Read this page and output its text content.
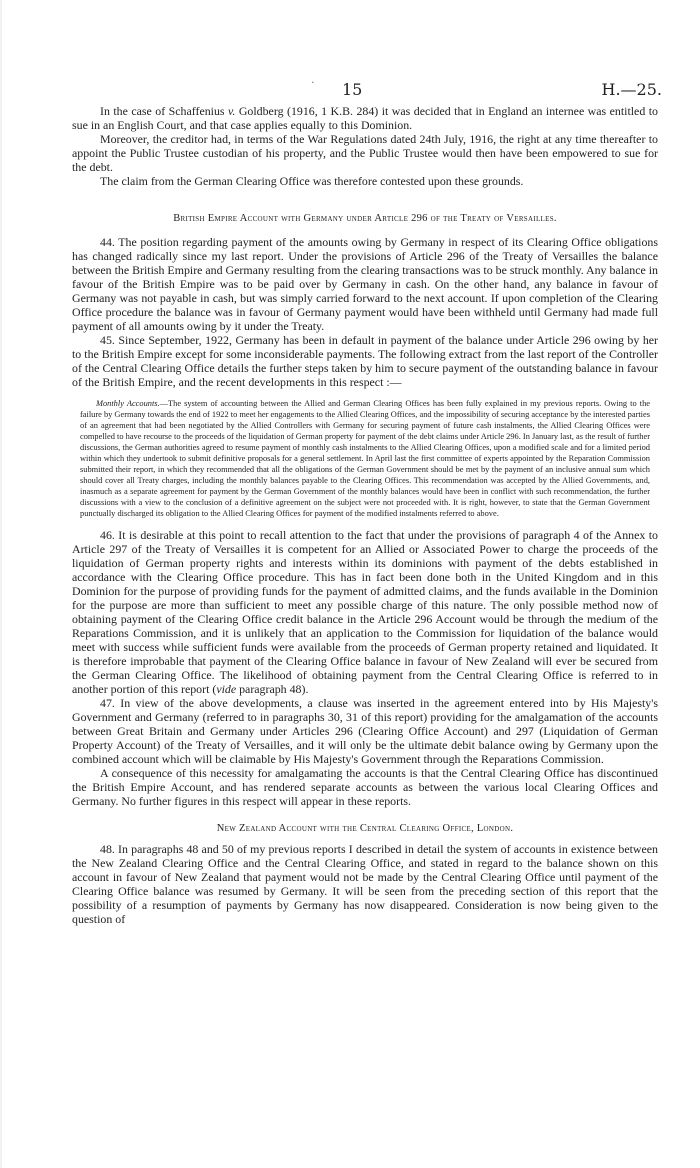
· 15	H.—25.

In the case of Schaffenius v. Goldberg (1916, 1 K.B. 284) it was decided that in England an internee was entitled to sue in an English Court, and that case applies equally to this Dominion.

Moreover, the creditor had, in terms of the War Regulations dated 24th July, 1916, the right at any time thereafter to appoint the Public Trustee custodian of his property, and the Public Trustee would then have been empowered to sue for the debt.

The claim from the German Clearing Office was therefore contested upon these grounds.

British Empire Account with Germany under Article 296 of the Treaty of Versailles.

44. The position regarding payment of the amounts owing by Germany in respect of its Clearing Office obligations has changed radically since my last report. Under the provisions of Article 296 of the Treaty of Versailles the balance between the British Empire and Germany resulting from the clearing transactions was to be struck monthly. Any balance in favour of the British Empire was to be paid over by Germany in cash. On the other hand, any balance in favour of Germany was not payable in cash, but was simply carried forward to the next account. If upon completion of the Clearing Office procedure the balance was in favour of Germany payment would have been withheld until Germany had made full payment of all amounts owing by it under the Treaty.

45. Since September, 1922, Germany has been in default in payment of the balance under Article 296 owing by her to the British Empire except for some inconsiderable payments. The following extract from the last report of the Controller of the Central Clearing Office details the further steps taken by him to secure payment of the outstanding balance in favour of the British Empire, and the recent developments in this respect :—

Monthly Accounts.—The system of accounting between the Allied and German Clearing Offices has been fully explained in my previous reports. Owing to the failure by Germany towards the end of 1922 to meet her engagements to the Allied Clearing Offices, and the impossibility of securing acceptance by the interested parties of an agreement that had been negotiated by the Allied Controllers with Germany for securing payment of future cash instalments, the Allied Clearing Offices were compelled to have recourse to the proceeds of the liquidation of German property for payment of the debt claims under Article 296. In January last, as the result of further discussions, the German authorities agreed to resume payment of monthly cash instalments to the Allied Clearing Offices, upon a modified scale and for a limited period within which they undertook to submit definitive proposals for a general settlement. In April last the first committee of experts appointed by the Reparation Commission submitted their report, in which they recommended that all the obligations of the German Government should be met by the payment of an inclusive annual sum which should cover all Treaty charges, including the monthly balances payable to the Clearing Offices. This recommendation was accepted by the Allied Governments, and, inasmuch as a separate agreement for payment by the German Government of the monthly balances would have been in conflict with such recommendation, the further discussions with a view to the conclusion of a definitive agreement on the subject were not proceeded with. It is right, however, to state that the German Government punctually discharged its obligation to the Allied Clearing Offices for payment of the modified instalments referred to above.

46. It is desirable at this point to recall attention to the fact that under the provisions of paragraph 4 of the Annex to Article 297 of the Treaty of Versailles it is competent for an Allied or Associated Power to charge the proceeds of the liquidation of German property rights and interests within its dominions with payment of the debts established in accordance with the Clearing Office procedure. This has in fact been done both in the United Kingdom and in this Dominion for the purpose of providing funds for the payment of admitted claims, and the funds available in the Dominion for the purpose are more than sufficient to meet any possible charge of this nature. The only possible method now of obtaining payment of the Clearing Office credit balance in the Article 296 Account would be through the medium of the Reparations Commission, and it is unlikely that an application to the Commission for liquidation of the balance would meet with success while sufficient funds were available from the proceeds of German property retained and liquidated. It is therefore improbable that payment of the Clearing Office balance in favour of New Zealand will ever be secured from the German Clearing Office. The likelihood of obtaining payment from the Central Clearing Office is referred to in another portion of this report (vide paragraph 48).

47. In view of the above developments, a clause was inserted in the agreement entered into by His Majesty's Government and Germany (referred to in paragraphs 30, 31 of this report) providing for the amalgamation of the accounts between Great Britain and Germany under Articles 296 (Clearing Office Account) and 297 (Liquidation of German Property Account) of the Treaty of Versailles, and it will only be the ultimate debit balance owing by Germany upon the combined account which will be claimable by His Majesty's Government through the Reparations Commission.

A consequence of this necessity for amalgamating the accounts is that the Central Clearing Office has discontinued the British Empire Account, and has rendered separate accounts as between the various local Clearing Offices and Germany. No further figures in this respect will appear in these reports.

New Zealand Account with the Central Clearing Office, London.

48. In paragraphs 48 and 50 of my previous reports I described in detail the system of accounts in existence between the New Zealand Clearing Office and the Central Clearing Office, and stated in regard to the balance shown on this account in favour of New Zealand that payment would not be made by the Central Clearing Office until payment of the Clearing Office balance was resumed by Germany. It will be seen from the preceding section of this report that the possibility of a resumption of payments by Germany has now disappeared. Consideration is now being given to the question of
